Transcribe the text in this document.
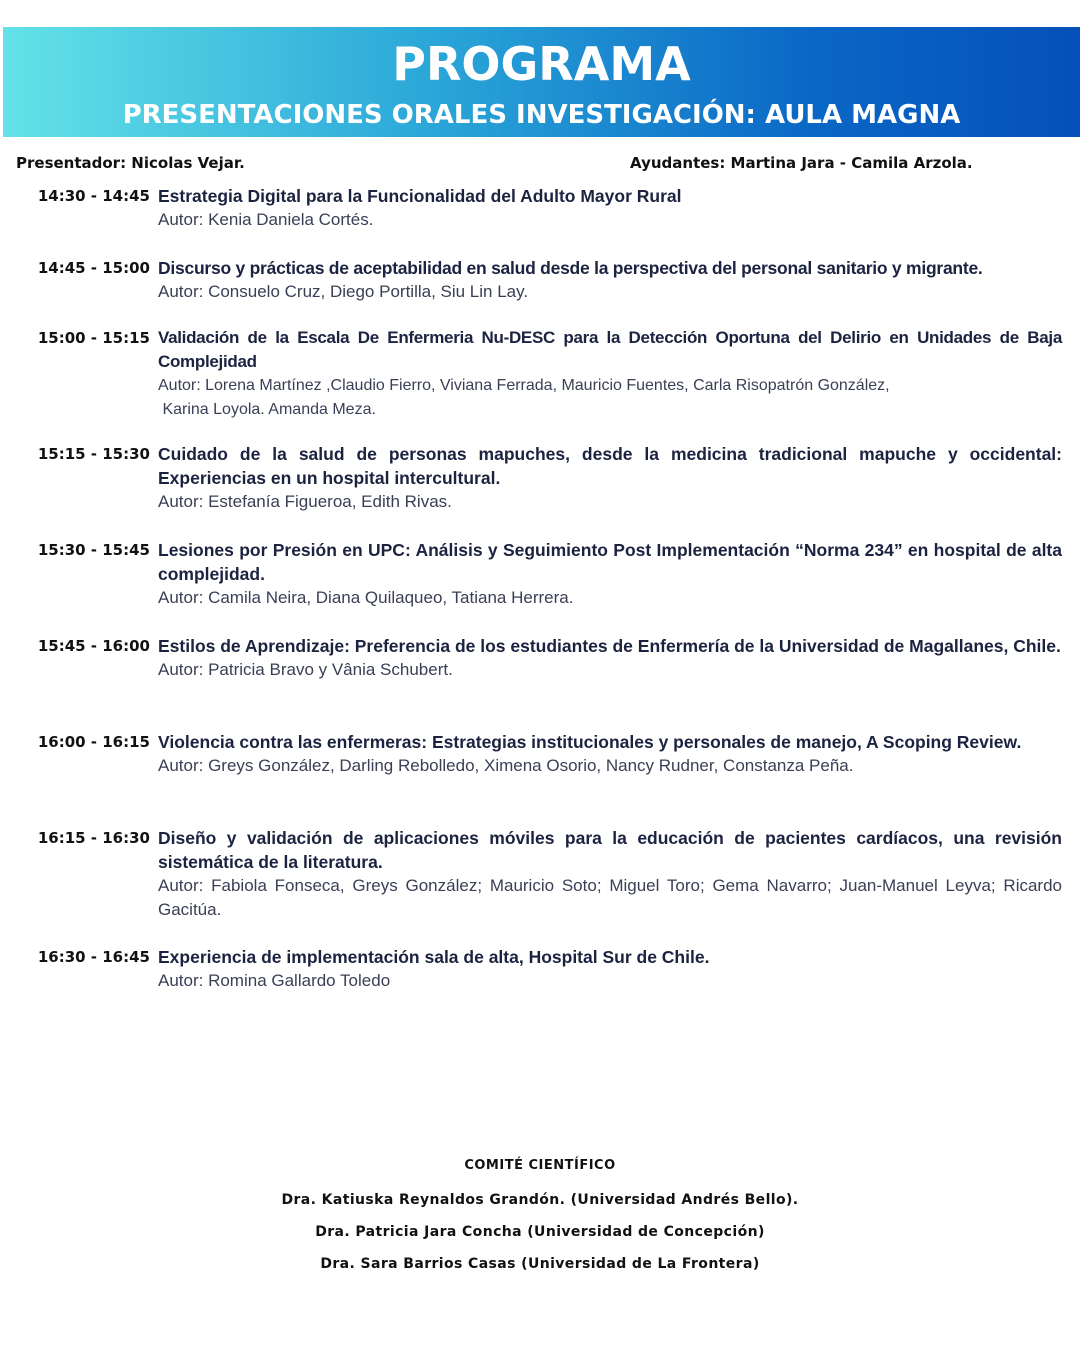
PROGRAMA
PRESENTACIONES ORALES INVESTIGACIÓN: AULA MAGNA
Presentador: Nicolas Vejar.	Ayudantes: Martina Jara - Camila Arzola.
14:30 - 14:45 Estrategia Digital para la Funcionalidad del Adulto Mayor Rural
Autor: Kenia Daniela Cortés.
14:45 - 15:00 Discurso y prácticas de aceptabilidad en salud desde la perspectiva del personal sanitario y migrante.
Autor: Consuelo Cruz, Diego Portilla, Siu Lin Lay.
15:00 - 15:15 Validación de la Escala De Enfermeria Nu-DESC para la Detección Oportuna del Delirio en Unidades de Baja Complejidad
Autor: Lorena Martínez ,Claudio Fierro, Viviana Ferrada, Mauricio Fuentes, Carla Risopatrón González,
Karina Loyola. Amanda Meza.
15:15 - 15:30 Cuidado de la salud de personas mapuches, desde la medicina tradicional mapuche y occidental: Experiencias en un hospital intercultural.
Autor: Estefanía Figueroa, Edith Rivas.
15:30 - 15:45 Lesiones por Presión en UPC: Análisis y Seguimiento Post Implementación “Norma 234” en hospital de alta complejidad.
Autor: Camila Neira, Diana Quilaqueo, Tatiana Herrera.
15:45 - 16:00 Estilos de Aprendizaje: Preferencia de los estudiantes de Enfermería de la Universidad de Magallanes, Chile.
Autor: Patricia Bravo y Vânia Schubert.
16:00 - 16:15 Violencia contra las enfermeras: Estrategias institucionales y personales de manejo, A Scoping Review.
Autor: Greys González, Darling Rebolledo, Ximena Osorio, Nancy Rudner, Constanza Peña.
16:15 - 16:30 Diseño y validación de aplicaciones móviles para la educación de pacientes cardíacos, una revisión sistemática de la literatura.
Autor: Fabiola Fonseca, Greys González; Mauricio Soto; Miguel Toro; Gema Navarro; Juan-Manuel Leyva; Ricardo Gacitúa.
16:30 - 16:45 Experiencia de implementación sala de alta, Hospital Sur de Chile.
Autor: Romina Gallardo Toledo
COMITÉ CIENTÍFICO
Dra. Katiuska Reynaldos Grandón. (Universidad Andrés Bello).
Dra. Patricia Jara Concha (Universidad de Concepción)
Dra. Sara Barrios Casas (Universidad de La Frontera)
